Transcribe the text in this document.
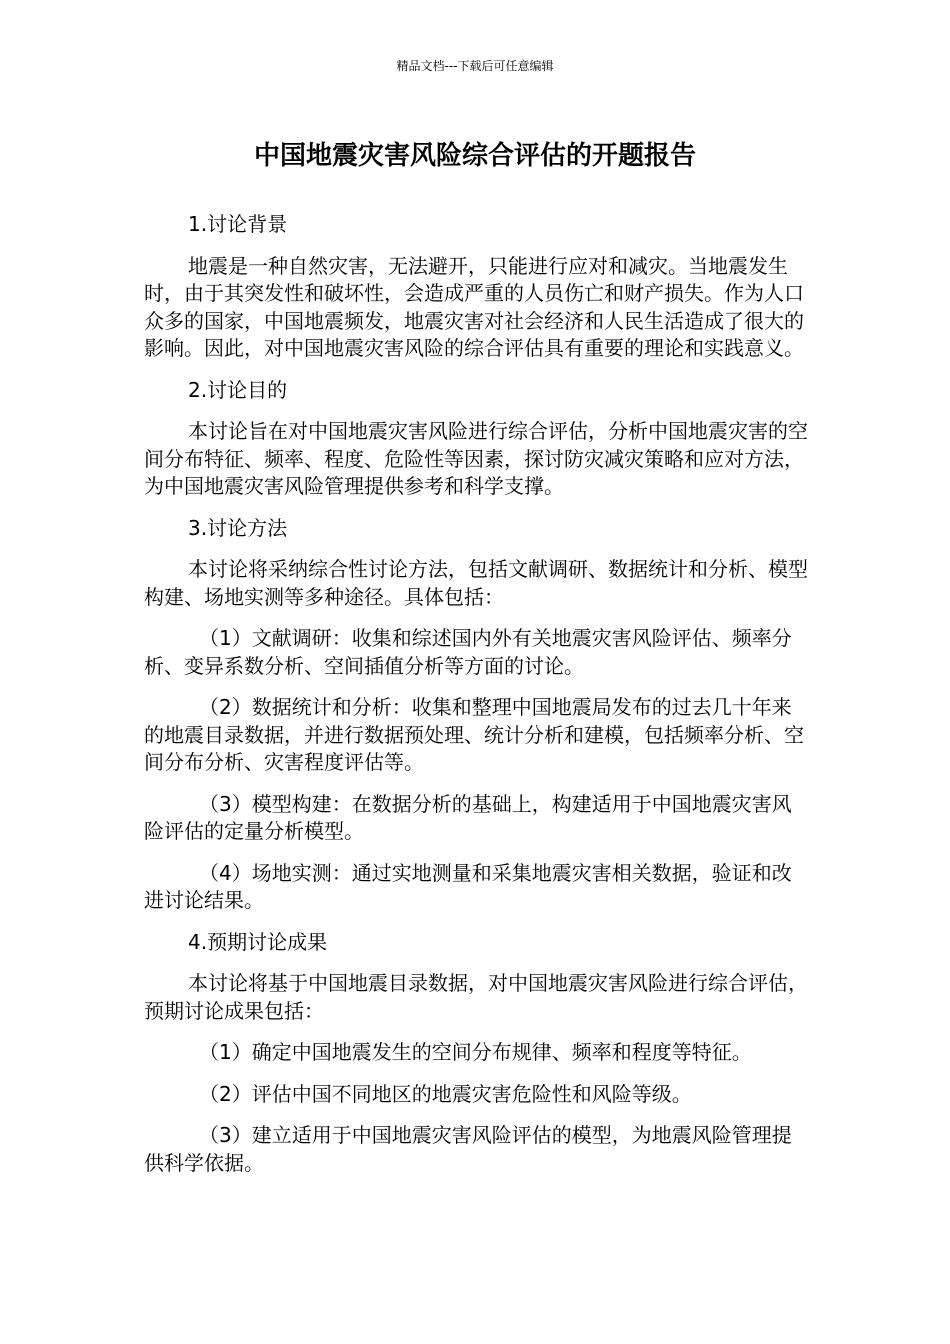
精品文档---下载后可任意编辑
中国地震灾害风险综合评估的开题报告
1.讨论背景

地震是一种自然灾害，无法避开，只能进行应对和减灾。当地震发生时，由于其突发性和破坏性，会造成严重的人员伤亡和财产损失。作为人口众多的国家，中国地震频发，地震灾害对社会经济和人民生活造成了很大的影响。因此，对中国地震灾害风险的综合评估具有重要的理论和实践意义。

2.讨论目的

本讨论旨在对中国地震灾害风险进行综合评估，分析中国地震灾害的空间分布特征、频率、程度、危险性等因素，探讨防灾减灾策略和应对方法，为中国地震灾害风险管理提供参考和科学支撑。

3.讨论方法

本讨论将采纳综合性讨论方法，包括文献调研、数据统计和分析、模型构建、场地实测等多种途径。具体包括：

（1）文献调研：收集和综述国内外有关地震灾害风险评估、频率分析、变异系数分析、空间插值分析等方面的讨论。

（2）数据统计和分析：收集和整理中国地震局发布的过去几十年来的地震目录数据，并进行数据预处理、统计分析和建模，包括频率分析、空间分布分析、灾害程度评估等。

（3）模型构建：在数据分析的基础上，构建适用于中国地震灾害风险评估的定量分析模型。

（4）场地实测：通过实地测量和采集地震灾害相关数据，验证和改进讨论结果。

4.预期讨论成果

本讨论将基于中国地震目录数据，对中国地震灾害风险进行综合评估，预期讨论成果包括：

（1）确定中国地震发生的空间分布规律、频率和程度等特征。

（2）评估中国不同地区的地震灾害危险性和风险等级。

（3）建立适用于中国地震灾害风险评估的模型，为地震风险管理提供科学依据。
